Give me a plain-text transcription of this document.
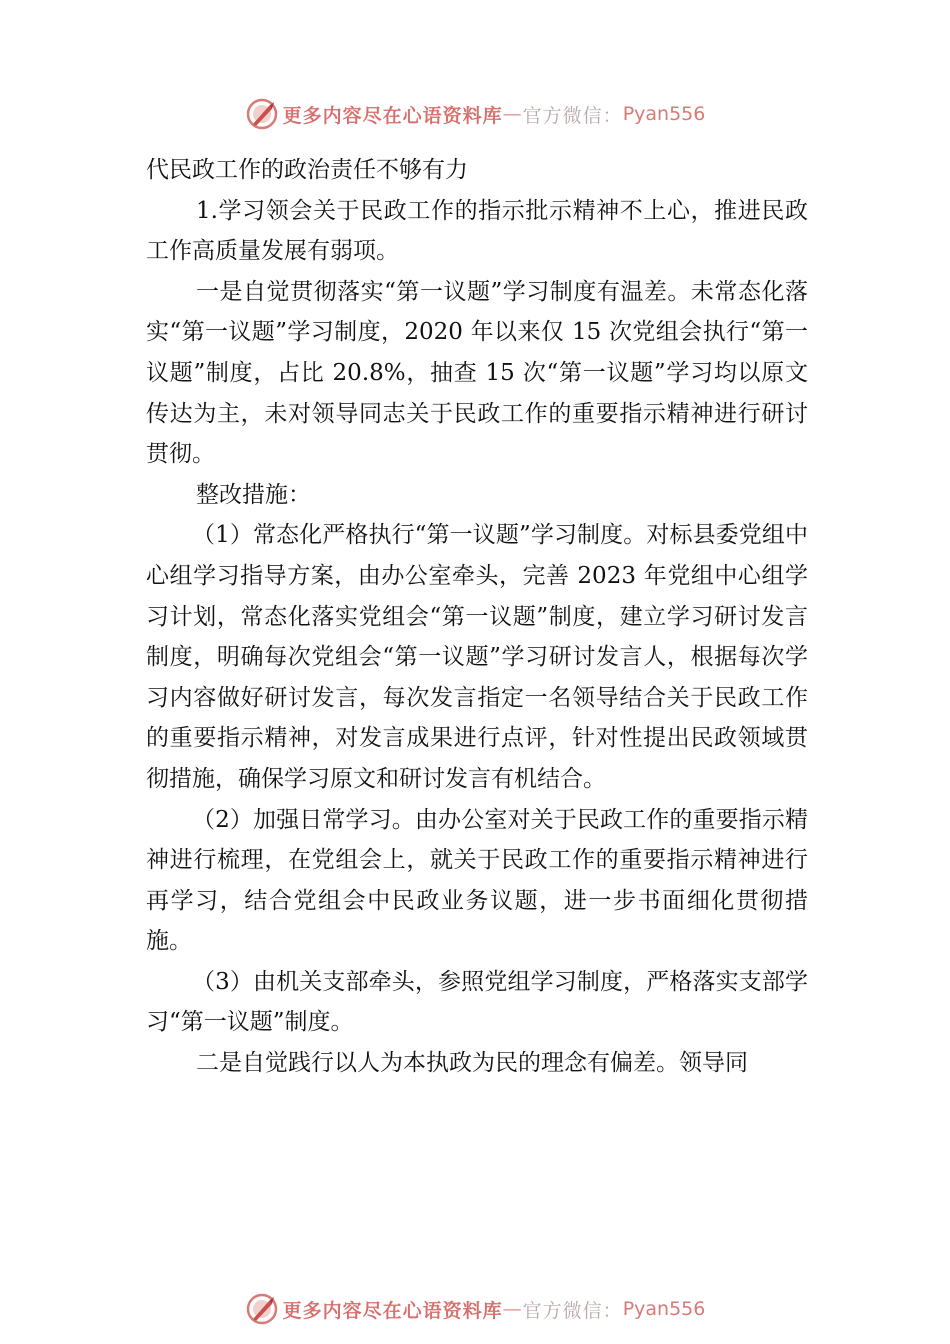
更多内容尽在心语资料库 — 官方微信： Pyan556

代民政工作的政治责任不够有力

1.学习领会关于民政工作的指示批示精神不上心，推进民政工作高质量发展有弱项。

一是自觉贯彻落实“第一议题”学习制度有温差。未常态化落实“第一议题”学习制度，2020 年以来仅 15 次党组会执行“第一议题”制度，占比 20.8%，抽查 15 次“第一议题”学习均以原文传达为主，未对领导同志关于民政工作的重要指示精神进行研讨贯彻。

整改措施：

（1）常态化严格执行“第一议题”学习制度。对标县委党组中心组学习指导方案，由办公室牵头，完善 2023 年党组中心组学习计划，常态化落实党组会“第一议题”制度，建立学习研讨发言制度，明确每次党组会“第一议题”学习研讨发言人，根据每次学习内容做好研讨发言，每次发言指定一名领导结合关于民政工作的重要指示精神，对发言成果进行点评，针对性提出民政领域贯彻措施，确保学习原文和研讨发言有机结合。

（2）加强日常学习。由办公室对关于民政工作的重要指示精神进行梳理，在党组会上，就关于民政工作的重要指示精神进行再学习，结合党组会中民政业务议题，进一步书面细化贯彻措施。

（3）由机关支部牵头，参照党组学习制度，严格落实支部学习“第一议题”制度。

二是自觉践行以人为本执政为民的理念有偏差。领导同

更多内容尽在心语资料库 — 官方微信： Pyan556
